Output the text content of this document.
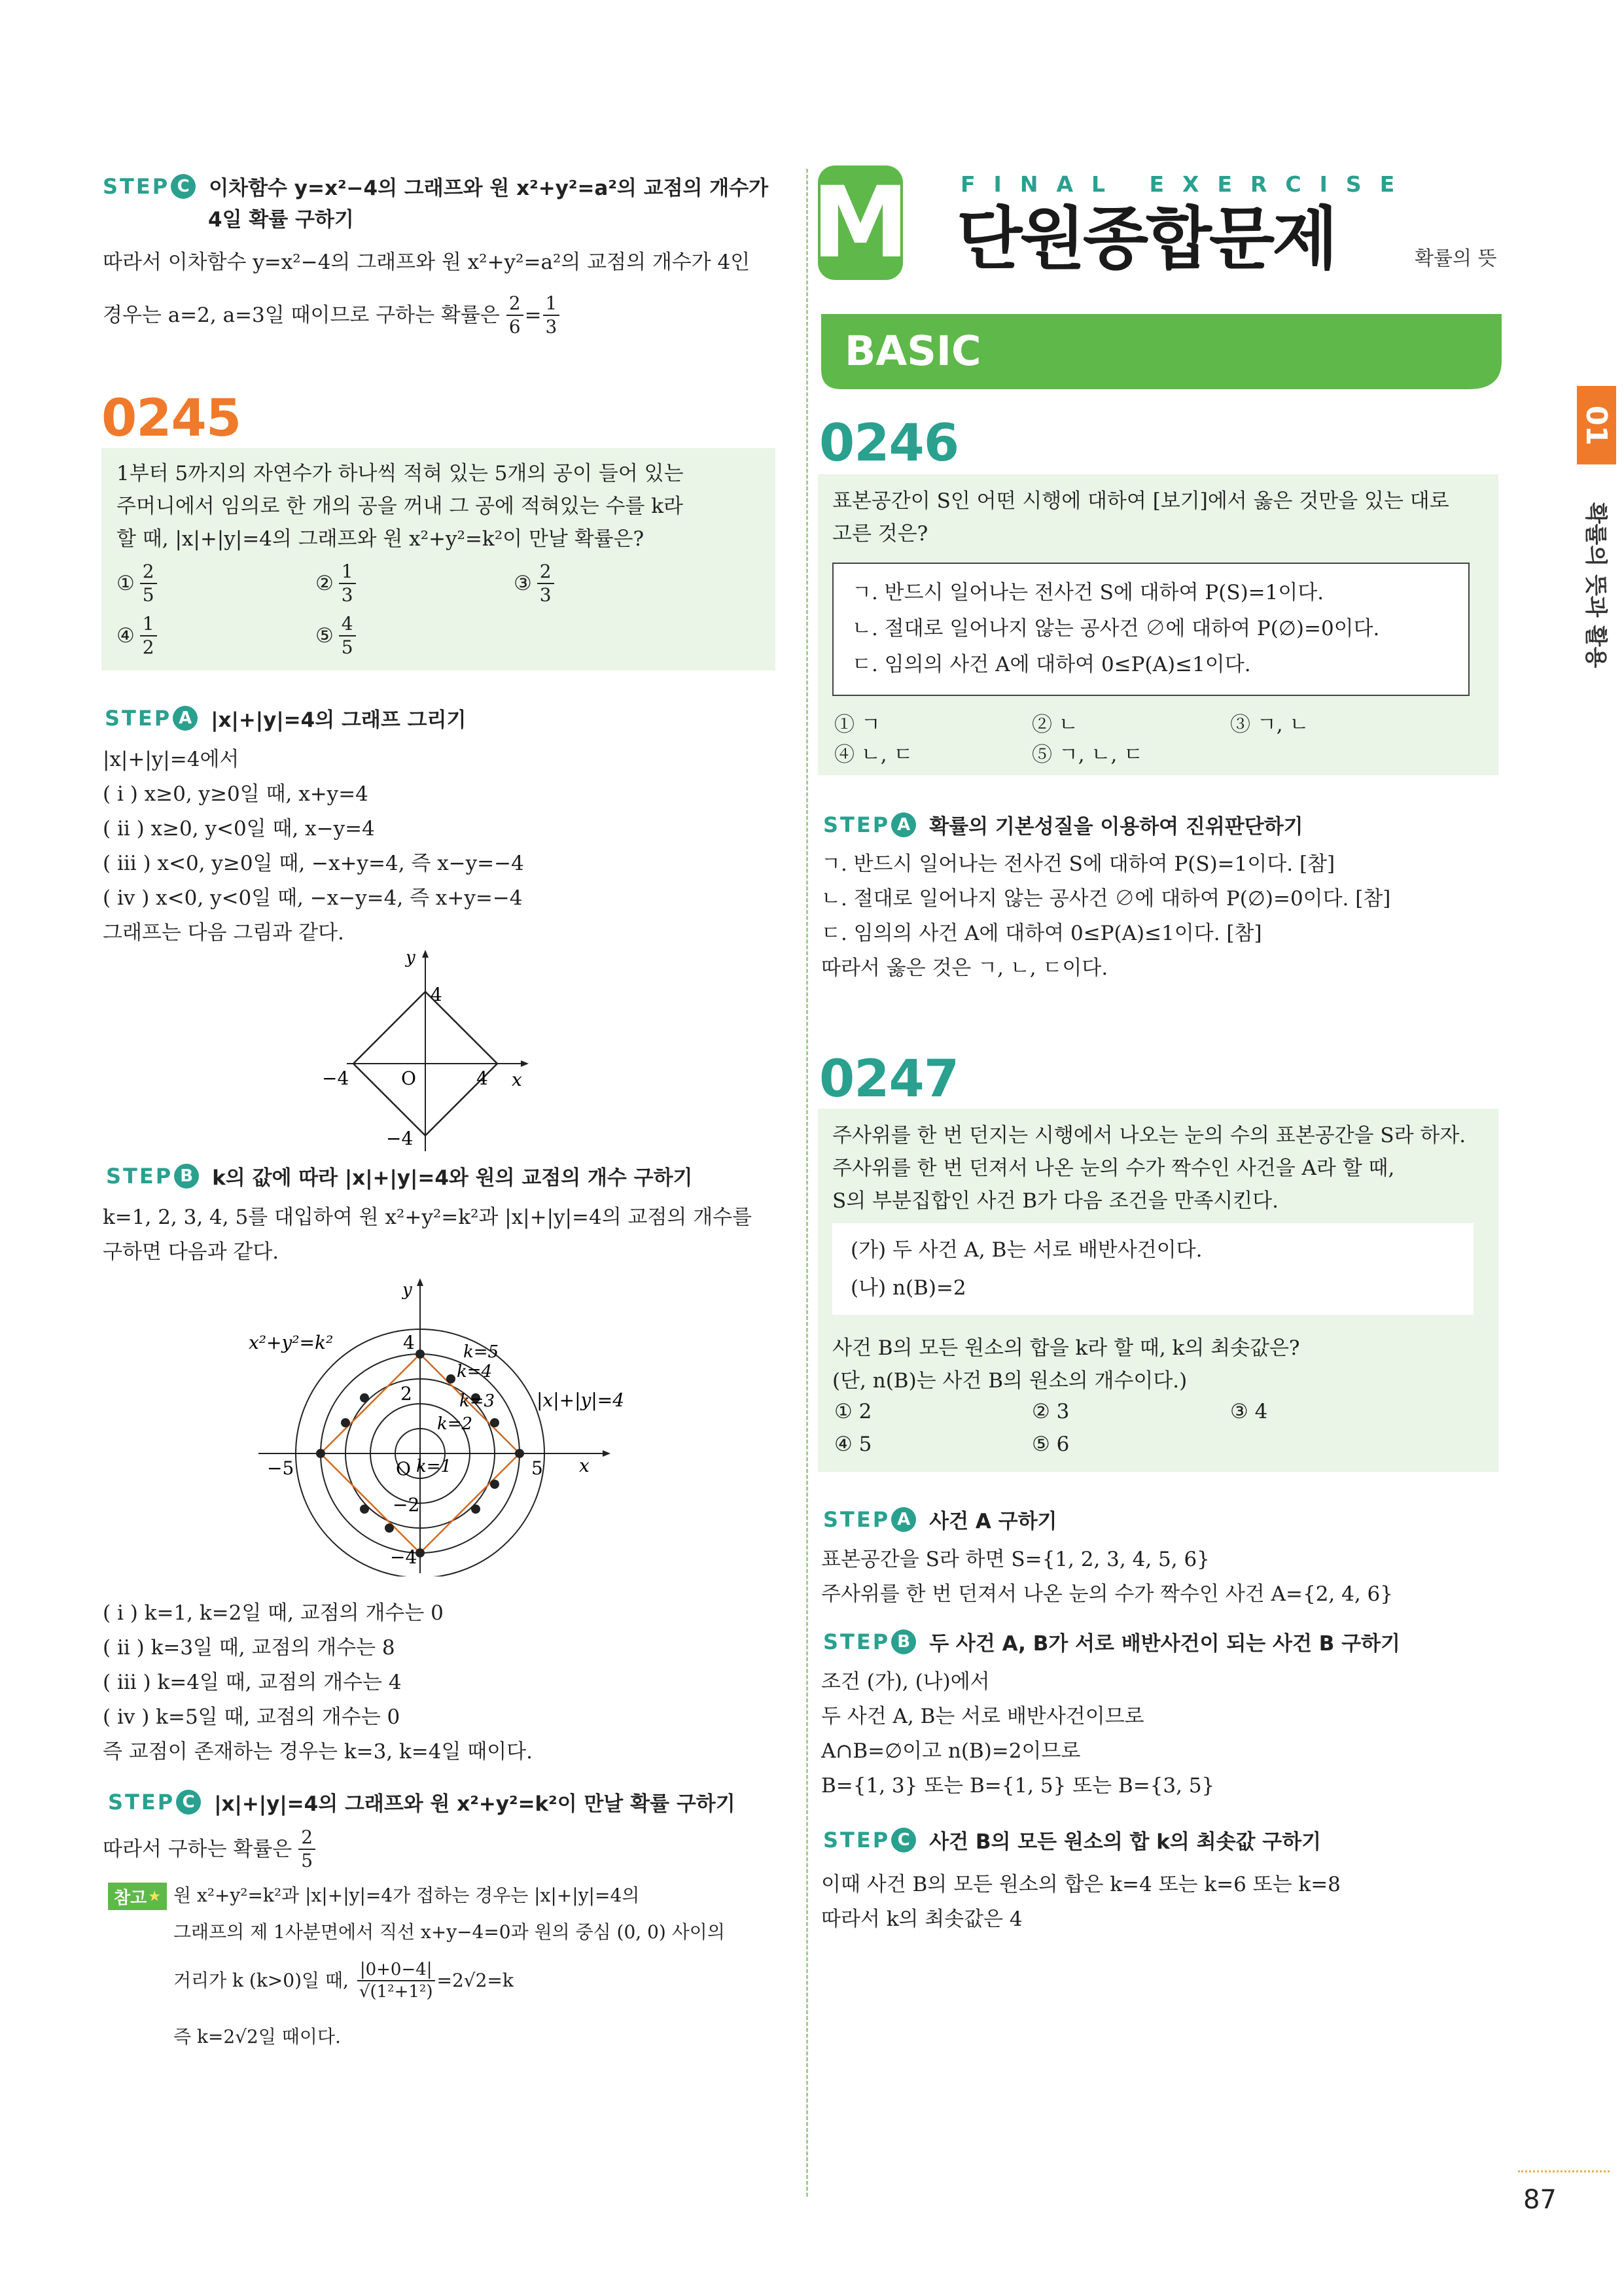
M FINAL EXERCISE
단원종합문제	확률의 뜻
BASIC
01
확률의 뜻과 활용
STEP C 이차함수 y=x²−4의 그래프와 원 x²+y²=a²의 교점의 개수가
4일 확률 구하기
따라서 이차함수 y=x²−4의 그래프와 원 x²+y²=a²의 교점의 개수가 4인
경우는 a=2, a=3일 때이므로 구하는 확률은 $\frac{2}{6} = \frac{1}{3}$
0245
1부터 5까지의 자연수가 하나씩 적혀 있는 5개의 공이 들어 있는
주머니에서 임의로 한 개의 공을 꺼내 그 공에 적혀있는 수를 k라
할 때, |x|+|y|=4의 그래프와 원 x²+y²=k²이 만날 확률은?
① $\frac{2}{5}$	② $\frac{1}{3}$	③ $\frac{2}{3}$
④ $\frac{1}{2}$	⑤ $\frac{4}{5}$
STEP A |x|+|y|=4의 그래프 그리기
|x|+|y|=4에서
( i ) x≥0, y≥0일 때, x+y=4
( ii ) x≥0, y<0일 때, x−y=4
( iii ) x<0, y≥0일 때, −x+y=4, 즉 x−y=−4
( iv ) x<0, y<0일 때, −x−y=4, 즉 x+y=−4
그래프는 다음 그림과 같다.
y
x
O
4
4
−4
−4
STEP B k의 값에 따라 |x|+|y|=4와 원의 교점의 개수 구하기
k=1, 2, 3, 4, 5를 대입하여 원 x²+y²=k²과 |x|+|y|=4의 교점의 개수를
구하면 다음과 같다.
y
x
O
x²+y²=k²
|x|+|y|=4
k=5
k=4
k=3
k=2
k=1
4
2
−2
−4
−5	5
( i ) k=1, k=2일 때, 교점의 개수는 0
( ii ) k=3일 때, 교점의 개수는 8
( iii ) k=4일 때, 교점의 개수는 4
( iv ) k=5일 때, 교점의 개수는 0
즉 교점이 존재하는 경우는 k=3, k=4일 때이다.
STEP C |x|+|y|=4의 그래프와 원 x²+y²=k²이 만날 확률 구하기
따라서 구하는 확률은 $\frac{2}{5}$
참고 ★ 원 x²+y²=k²과 |x|+|y|=4가 접하는 경우는 |x|+|y|=4의
그래프의 제 1사분면에서 직선 x+y−4=0과 원의 중심 (0, 0) 사이의
거리가 k (k>0)일 때, $\frac{|0+0-4|}{\text{√(1²+1²)}} =2√2=k$
즉 k=2√2일 때이다.
0246
표본공간이 S인 어떤 시행에 대하여 [보기]에서 옳은 것만을 있는 대로
고른 것은?
ㄱ. 반드시 일어나는 전사건 S에 대하여 P(S)=1이다.
ㄴ. 절대로 일어나지 않는 공사건 ∅에 대하여 P(∅)=0이다.
ㄷ. 임의의 사건 A에 대하여 0≤P(A)≤1이다.
① ㄱ	② ㄴ	③ ㄱ, ㄴ
④ ㄴ, ㄷ	⑤ ㄱ, ㄴ, ㄷ
STEP A 확률의 기본성질을 이용하여 진위판단하기
ㄱ. 반드시 일어나는 전사건 S에 대하여 P(S)=1이다. [참]
ㄴ. 절대로 일어나지 않는 공사건 ∅에 대하여 P(∅)=0이다. [참]
ㄷ. 임의의 사건 A에 대하여 0≤P(A)≤1이다. [참]
따라서 옳은 것은 ㄱ, ㄴ, ㄷ이다.
0247
주사위를 한 번 던지는 시행에서 나오는 눈의 수의 표본공간을 S라 하자.
주사위를 한 번 던져서 나온 눈의 수가 짝수인 사건을 A라 할 때,
S의 부분집합인 사건 B가 다음 조건을 만족시킨다.
(가) 두 사건 A, B는 서로 배반사건이다.
(나) n(B)=2
사건 B의 모든 원소의 합을 k라 할 때, k의 최솟값은?
(단, n(B)는 사건 B의 원소의 개수이다.)
① 2	② 3	③ 4
④ 5	⑤ 6
STEP A 사건 A 구하기
표본공간을 S라 하면 S={1, 2, 3, 4, 5, 6}
주사위를 한 번 던져서 나온 눈의 수가 짝수인 사건 A={2, 4, 6}
STEP B 두 사건 A, B가 서로 배반사건이 되는 사건 B 구하기
조건 (가), (나)에서
두 사건 A, B는 서로 배반사건이므로
A∩B=∅이고 n(B)=2이므로
B={1, 3} 또는 B={1, 5} 또는 B={3, 5}
STEP C 사건 B의 모든 원소의 합 k의 최솟값 구하기
이때 사건 B의 모든 원소의 합은 k=4 또는 k=6 또는 k=8
따라서 k의 최솟값은 4
87
